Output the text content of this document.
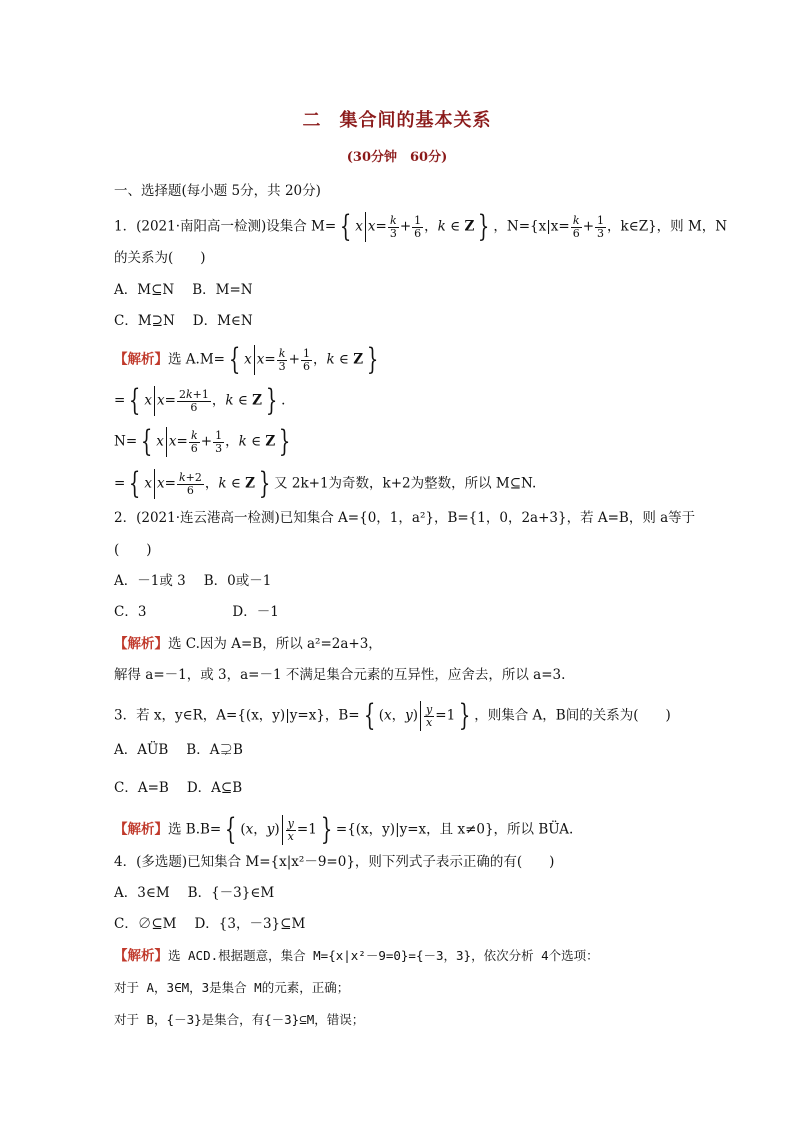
二 集合间的基本关系
(30分钟　60分)
一、选择题(每小题 5分，共 20分)
1．(2021·南阳高一检测)设集合 M= { x $x= \frac{k}{3} + \frac{1}{6}$ ，k ∈ Z } ，$N=\{x|x= \frac{k}{6} + \frac{1}{3}$ ，k∈Z}，则 M，N
的关系为(　　)
A．M⊆N B．M=N
C．M⊇N D．M∈N
【解析】选 A.M= { x $x= \frac{k}{3} + \frac{1}{6}$ ，k ∈ Z }
= { x $x= \frac{2k+1}{6}$ ，k ∈ Z } .
N= { x $x= \frac{k}{6} + \frac{1}{3}$ ，k ∈ Z }
= { x $x= \frac{k+2}{6}$ ，k ∈ Z } 又 2k+1为奇数，k+2为整数，所以 M⊆N.
2．(2021·连云港高一检测)已知集合 A={0，1，a²}，B={1，0，2a+3}，若 A=B，则 a等于
(　　)
A．－1或 3 B．0或－1
C．3	D．－1
【解析】选 C.因为 A=B，所以 a²=2a+3，
解得 a=－1，或 3，a=－1 不满足集合元素的互异性，应舍去，所以 a=3.
3．若 x，y∈R，A={(x，y)|y=x}，B= { (x，$y) \frac{y}{x} =1$ } ，则集合 A，B间的关系为(　　)
A．AÜB B．A⊋B
C．A=B D．A⊆B
【解析】选 B.B= { (x，$y) \frac{y}{x} =1$ } ={(x，y)|y=x，且 x≠0}，所以 BÜA.
4．(多选题)已知集合 M={x|x²－9=0}，则下列式子表示正确的有(　　)
A．3∈M B．{－3}∈M
C．∅⊆M D．{3，－3}⊆M
【解析】选 ACD.根据题意，集合 M={x|x²－9=0}={－3，3}，依次分析 4个选项：
对于 A，3∈M，3是集合 M的元素，正确；
对于 B，{－3}是集合，有{－3}⊆M，错误；
